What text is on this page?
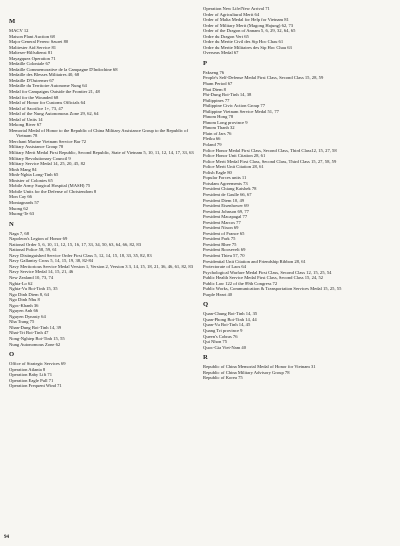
M
MACV 12
Maison Plant Auction 68
Major General Ferenc Szurei 80
Malitester Aid Service 81
Malteser-Hilfsdienst 81
Mayagquez Operation 71
Medaille Coloniale 67
Medaille Commemorative de la Campagne D'Indochine 68
Medaille des Blesses Militaires 40, 68
Medaille D'Outremer 67
Medaille du Territoire Autonome Nung 64
Medal for Campaigns Outside the Frontier 21, 48
Medal for the Wounded 68
Medal of Honor for Customs Officials 64
Medal of Sacrifice 1+, 73, 47
Medal of the Nung Autonomous Zone 29, 62, 64
Medal of Units 14
Mekong River 67
Memorial Medal of Honor to the Republic of China Military Assistance Group to the Republic of Vietnam 78
Merchant Marine Vietnam Service Bar 72
Military Assistance Group 78
Military Merit Medal First Republic, Second Republic, State of Vietnam 5, 10, 11, 12, 14, 17, 33, 63
Military Revolutionary Council 9
Military Service Medal 14, 25, 20, 45, 82
Minh Mang 84
Minh-Nghia Long-Tinh 65
Minister of Colonies 65
Mobile Army Surgical Hospital (MASH) 75
Mobile Units for the Defense of Christendom 8
Mon Cay 66
Montagnards 57
Muong 62
Muong-Te 63
N
Naga 7, 68
Napoleon's Legion of Honor 69
National Order 5, 6, 10, 11, 12, 15, 16, 17, 33, 34, 50, 63, 64, 66, 82, 83
National Police 58, 59, 61
Navy Distinguished Service Order First Class 5, 12, 14, 15, 18, 33, 35, 82, 83
Navy Gallantry Cross 5, 14, 15, 19, 38, 82-84
Navy Meritorious Service Medal Version 1, Version 2, Version 3 3, 14, 15, 18, 21, 36, 46, 61, 82, 83
Navy Service Medal 14, 15, 21, 46
New Zealand 10, 73, 74
Nghia-Lo 62
Nghia-Vu Boi-Tinh 15, 35
Ngo Dinh Diem 8, 64
Ngo Dinh Nhu 8
Ngoc-Khanh 36
Nguyen Anh 66
Nguyen Dynasty 64
Nha Trang 75
Nhan-Dung Boi-Tinh 14, 39
Nhat-Tri Boi-Tinh 47
Nong-Nghiep Boi-Tinh 15, 55
Nung Autonomous Zone 62
O
Office of Strategic Services 69
Operation Atlanta 8
Operation Baby Lift 71
Operation Eagle Pull 71
Operation Frequent Wind 71
Operation New Life/New Arrival 71
Order of Agricultural Merit 64
Order of Malta Medal for Help for Vietnam 81
Order of Military Merit (Magong Hajung) 62, 73
Order of the Dragon of Annam 5, 6, 29, 32, 64, 65
Ordre du Dragon Vert 65
Ordre du Merite Civil des Sip Hoc Chau 61
Ordre du Merite Militaires des Sip Hoc Chau 63
Overseas Medal 67
P
Pakseng 76
People's Self-Defense Medal First Class, Second Class 15, 28, 59
Pham Period 67
Phat Diem 8
Phi-Dung Boi-Tinh 14, 38
Philippines 77
Philippine Civic Action Group 77
Philippine Vietnam Service Medal 51, 77
Phnom Hong 78
Phnom Long province 9
Phnom Thanh 32
Plain of Jars 76
Pleiku 66
Poland 79
Police Honor Medal First Class, Second Class, Third Class12, 15, 27, 58
Police Honor Unit Citation 28, 61
Police Merit Medal First Class, Second Class, Third Class 15, 27, 58, 59
Police Merit Unit Citation 28, 61
Polish Eagle 80
Popular Forces units 11
Potsdam Agreements 73
President Chiang Kaishek 78
President de Gaulle 66, 67
President Diem 10, 49
President Eisenhower 69
President Johnson 69, 77
President Macapagal 77
President Marcos 77
President Nixon 69
President of France 65
President Park 75
President Rhee 75
President Roosevelt 69
President Thieu 57, 70
Presidential Unit Citation and Friendship Ribbon 28, 61
Protectorate of Laos 64
Psychological Warfare Medal First Class, Second Class 12, 15, 25, 54
Public Health Service Medal First Class, Second Class 15, 24, 52
Public Law 122 of the 89th Congress 72
Public Works, Communication & Transportation Services Medal 15, 25, 55
Purple Heart 40
Q
Quan-Chung Boi-Tinh 14, 35
Quan-Phong Boi-Tinh 14, 44
Quan-Vu Boi-Tinh 14, 45
Quang Tri province 9
Queen's Cobras 76
Qui Nhon 75
Quoc-Gia Viet-Nam 40
R
Republic of China Memorial Medal of Honor for Vietnam 31
Republic of China Military Advisory Group 78
Republic of Korea 75
94
